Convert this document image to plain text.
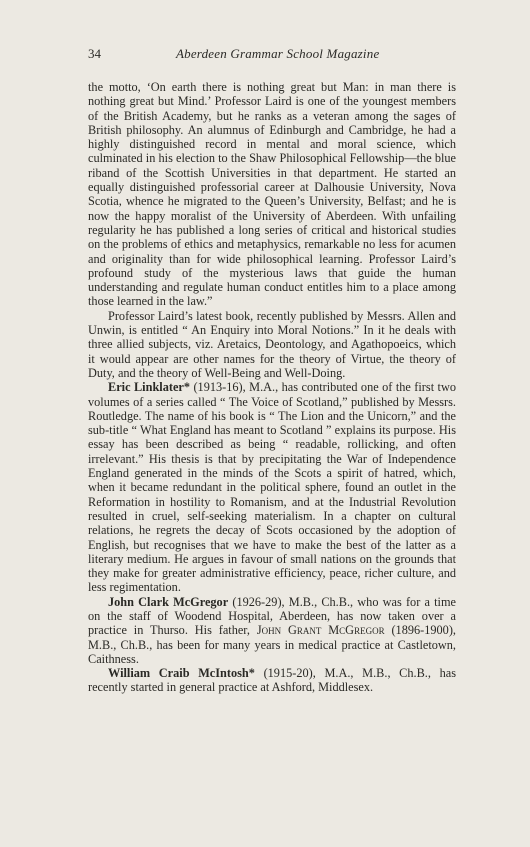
34	Aberdeen Grammar School Magazine

the motto, ‘On earth there is nothing great but Man: in man there is nothing great but Mind.’ Professor Laird is one of the youngest members of the British Academy, but he ranks as a veteran among the sages of British philosophy. An alumnus of Edinburgh and Cambridge, he had a highly distinguished record in mental and moral science, which culminated in his election to the Shaw Philosophical Fellowship—the blue riband of the Scottish Universities in that department. He started an equally distinguished professorial career at Dalhousie University, Nova Scotia, whence he migrated to the Queen’s University, Belfast; and he is now the happy moralist of the University of Aberdeen. With unfailing regularity he has published a long series of critical and historical studies on the problems of ethics and metaphysics, remarkable no less for acumen and originality than for wide philosophical learning. Professor Laird’s profound study of the mysterious laws that guide the human understanding and regulate human conduct entitles him to a place among those learned in the law.”

Professor Laird’s latest book, recently published by Messrs. Allen and Unwin, is entitled “ An Enquiry into Moral Notions.” In it he deals with three allied subjects, viz. Aretaics, Deontology, and Agathopoeics, which it would appear are other names for the theory of Virtue, the theory of Duty, and the theory of Well-Being and Well-Doing.

Eric Linklater* (1913-16), M.A., has contributed one of the first two volumes of a series called “ The Voice of Scotland,” published by Messrs. Routledge. The name of his book is “ The Lion and the Unicorn,” and the sub-title “ What England has meant to Scotland ” explains its purpose. His essay has been described as being “ readable, rollicking, and often irrelevant.” His thesis is that by precipitating the War of Independence England generated in the minds of the Scots a spirit of hatred, which, when it became redundant in the political sphere, found an outlet in the Reformation in hostility to Romanism, and at the Industrial Revolution resulted in cruel, self-seeking materialism. In a chapter on cultural relations, he regrets the decay of Scots occasioned by the adoption of English, but recognises that we have to make the best of the latter as a literary medium. He argues in favour of small nations on the grounds that they make for greater administrative efficiency, peace, richer culture, and less regimentation.

John Clark McGregor (1926-29), M.B., Ch.B., who was for a time on the staff of Woodend Hospital, Aberdeen, has now taken over a practice in Thurso. His father, John Grant McGregor (1896-1900), M.B., Ch.B., has been for many years in medical practice at Castletown, Caithness.

William Craib McIntosh* (1915-20), M.A., M.B., Ch.B., has recently started in general practice at Ashford, Middlesex.
